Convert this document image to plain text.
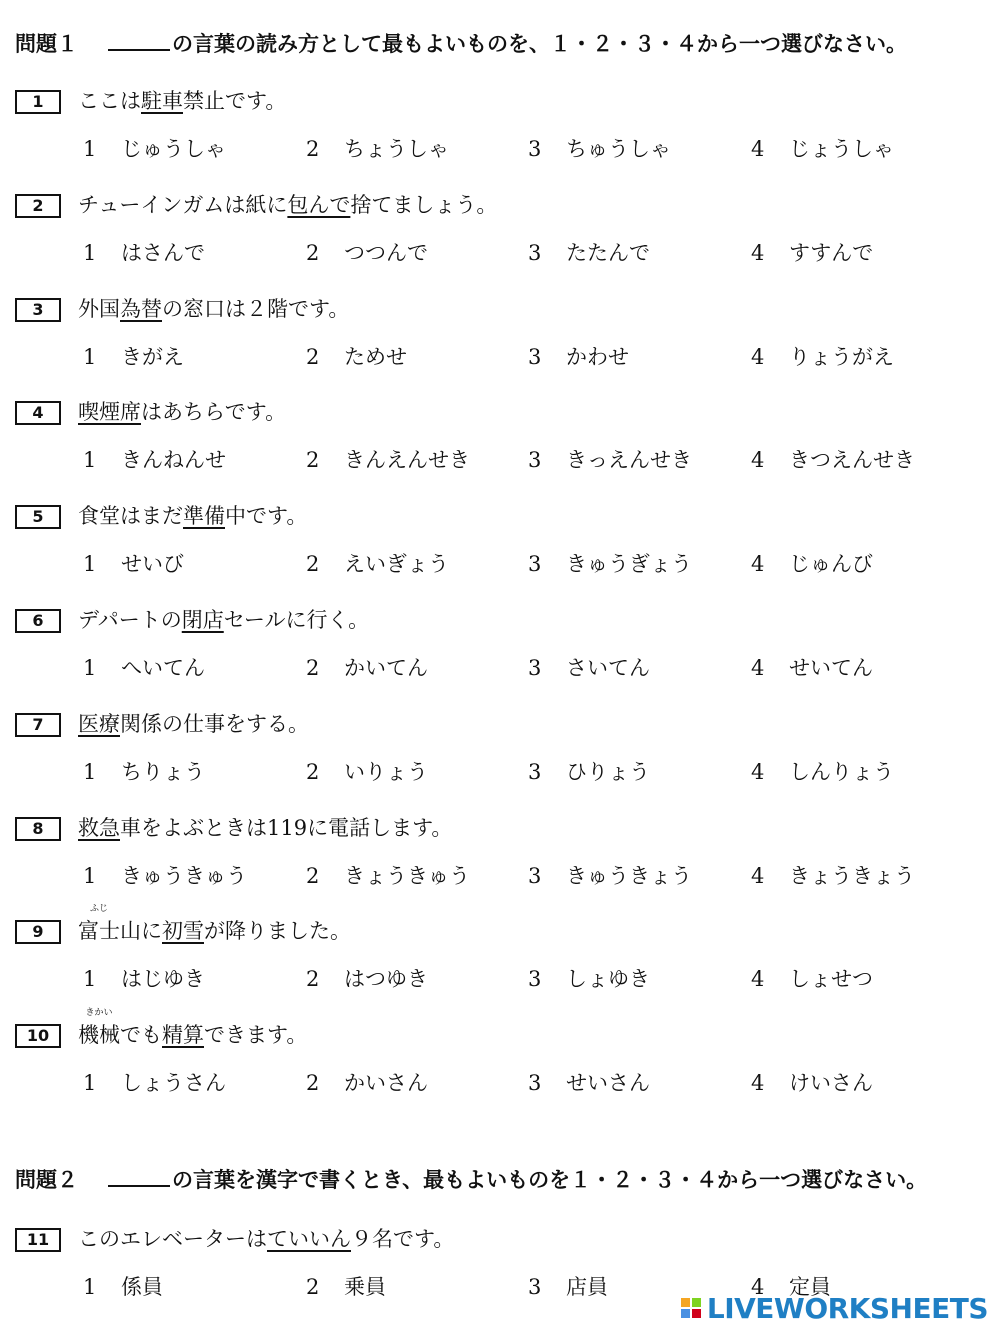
問題１	の言葉の読み方として最もよいものを、１・２・３・４から一つ選びなさい。
1	ここは駐車禁止です。
1 じゅうしゃ	2 ちょうしゃ	3 ちゅうしゃ	4 じょうしゃ
2	チューインガムは紙に包んで捨てましょう。
1 はさんで	2 つつんで	3 たたんで	4 すすんで
3	外国為替の窓口は２階です。
1 きがえ	2 ためせ	3 かわせ	4 りょうがえ
4	喫煙席はあちらです。
1 きんねんせ	2 きんえんせき	3 きっえんせき	4 きつえんせき
5	食堂はまだ準備中です。
1 せいび	2 えいぎょう	3 きゅうぎょう	4 じゅんび
6	デパートの閉店セールに行く。
1 へいてん	2 かいてん	3 さいてん	4 せいてん
7	医療関係の仕事をする。
1 ちりょう	2 いりょう	3 ひりょう	4 しんりょう
8	救急車をよぶときは119に電話します。
1 きゅうきゅう	2 きょうきゅう	3 きゅうきょう	4 きょうきょう
9
ふじ
富士山に初雪が降りました。
1 はじゆき	2 はつゆき	3 しょゆき	4 しょせつ
10
きかい
機械でも精算できます。
1 しょうさん	2 かいさん	3 せいさん	4 けいさん
問題２	の言葉を漢字で書くとき、最もよいものを１・２・３・４から一つ選びなさい。
11	このエレベーターはていいん９名です。
1 係員	2 乗員	3 店員	4 定員
LIVEWORKSHEETS
